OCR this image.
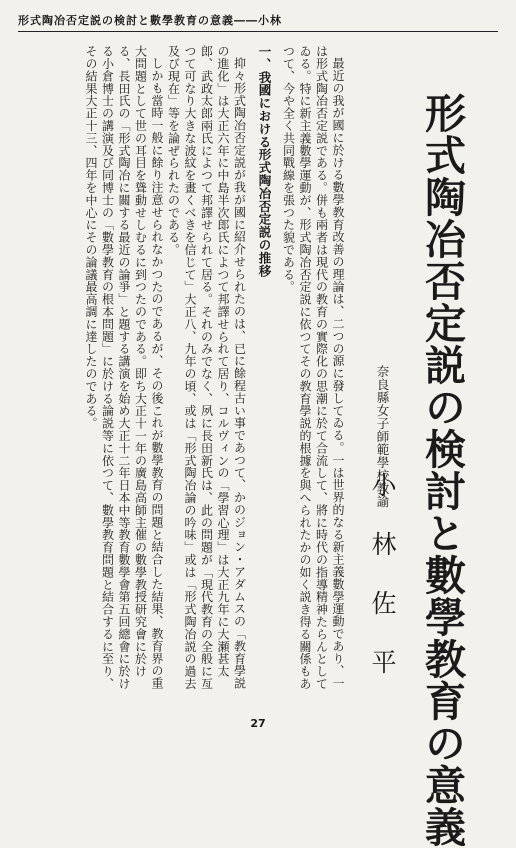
形式陶冶否定説の検討と數學教育の意義――小林
形式陶冶否定説の検討と數學教育の意義
奈良縣女子師範學校教諭
小林佐平

最近の我が國に於ける數學教育改善の理論は、二つの源に發してゐる。一は世界的なる新主義數學運動であり、一は形式陶冶否定説である。併も兩者は現代の教育の實際化の思潮に於て合流して、將に時代の指導精神たらんとしてゐる。特に新主義數學運動が、形式陶冶否定説に依つてその教育學説的根據を與へられたかの如く説き得る關係もあつて、今や全く共同戰線を張つた貌である。

一、我國における形式陶冶否定説の推移

抑々形式陶冶否定説が我が國に紹介せられたのは、已に餘程古い事であつて、かのジョン・アダムスの「教育學説の進化」は大正六年に中島半次郎氏によつて邦譯せられて居り、コルヴィンの「學習心理」は大正九年に大瀬甚太郎、武政太郎兩氏によつて邦譯せられて居る。それのみでなく、夙に長田新氏は、此の問題が「現代教育の全般に亙つて可なり大きな波紋を畫くべきを信じて」大正八、九年の頃、或は「形式陶冶論の吟味」或は「形式陶冶説の過去及び現在」等を論ぜられたのである。

しかも當時一般に餘り注意せられなかつたのであるが、その後これが數學教育の問題と結合した結果、教育界の重大問題として世の耳目を聳動せしむるに到つたのである。即ち大正十一年の廣島高師主催の數學教授研究會に於ける、長田氏の「形式陶冶に關する最近の論爭」と題する講演を始め大正十二年日本中等教育數學會第五回總會に於ける小倉博士の講演及び同博士の「數學教育の根本問題」に於ける論説等に依つて、數學教育問題と結合するに至り、その結果大正十三、四年を中心にその論議最高調に達したのである。

27
